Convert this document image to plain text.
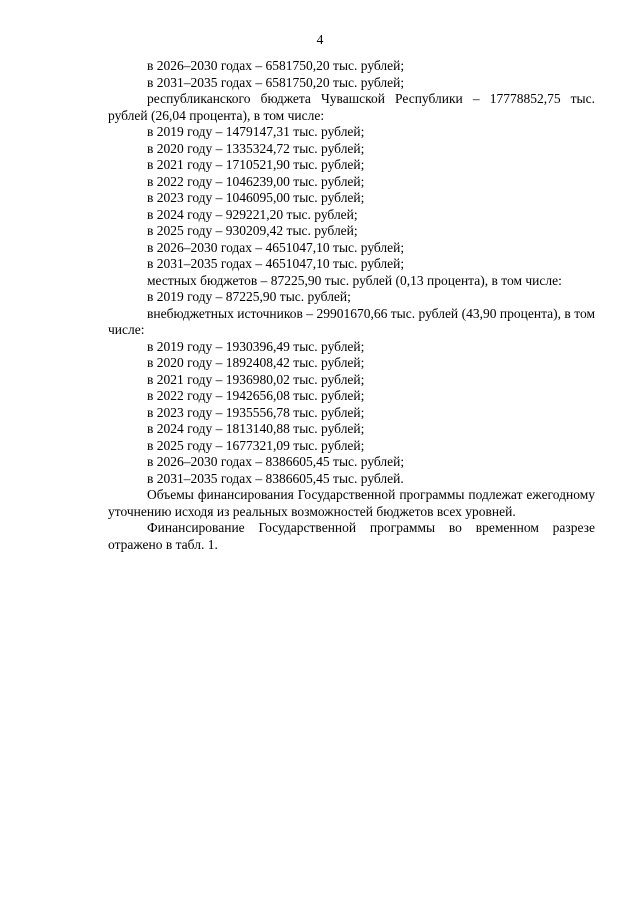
4

в 2026–2030 годах – 6581750,20 тыс. рублей;

в 2031–2035 годах – 6581750,20 тыс. рублей;

республиканского бюджета Чувашской Республики – 17778852,75 тыс. рублей (26,04 процента), в том числе:

в 2019 году – 1479147,31 тыс. рублей;

в 2020 году – 1335324,72 тыс. рублей;

в 2021 году – 1710521,90 тыс. рублей;

в 2022 году – 1046239,00 тыс. рублей;

в 2023 году – 1046095,00 тыс. рублей;

в 2024 году – 929221,20 тыс. рублей;

в 2025 году – 930209,42 тыс. рублей;

в 2026–2030 годах – 4651047,10 тыс. рублей;

в 2031–2035 годах – 4651047,10 тыс. рублей;

местных бюджетов – 87225,90 тыс. рублей (0,13 процента), в том числе:

в 2019 году – 87225,90 тыс. рублей;

внебюджетных источников – 29901670,66 тыс. рублей (43,90 процента), в том числе:

в 2019 году – 1930396,49 тыс. рублей;

в 2020 году – 1892408,42 тыс. рублей;

в 2021 году – 1936980,02 тыс. рублей;

в 2022 году – 1942656,08 тыс. рублей;

в 2023 году – 1935556,78 тыс. рублей;

в 2024 году – 1813140,88 тыс. рублей;

в 2025 году – 1677321,09 тыс. рублей;

в 2026–2030 годах – 8386605,45 тыс. рублей;

в 2031–2035 годах – 8386605,45 тыс. рублей.

Объемы финансирования Государственной программы подлежат ежегодному уточнению исходя из реальных возможностей бюджетов всех уровней.

Финансирование Государственной программы во временном разрезе отражено в табл. 1.
